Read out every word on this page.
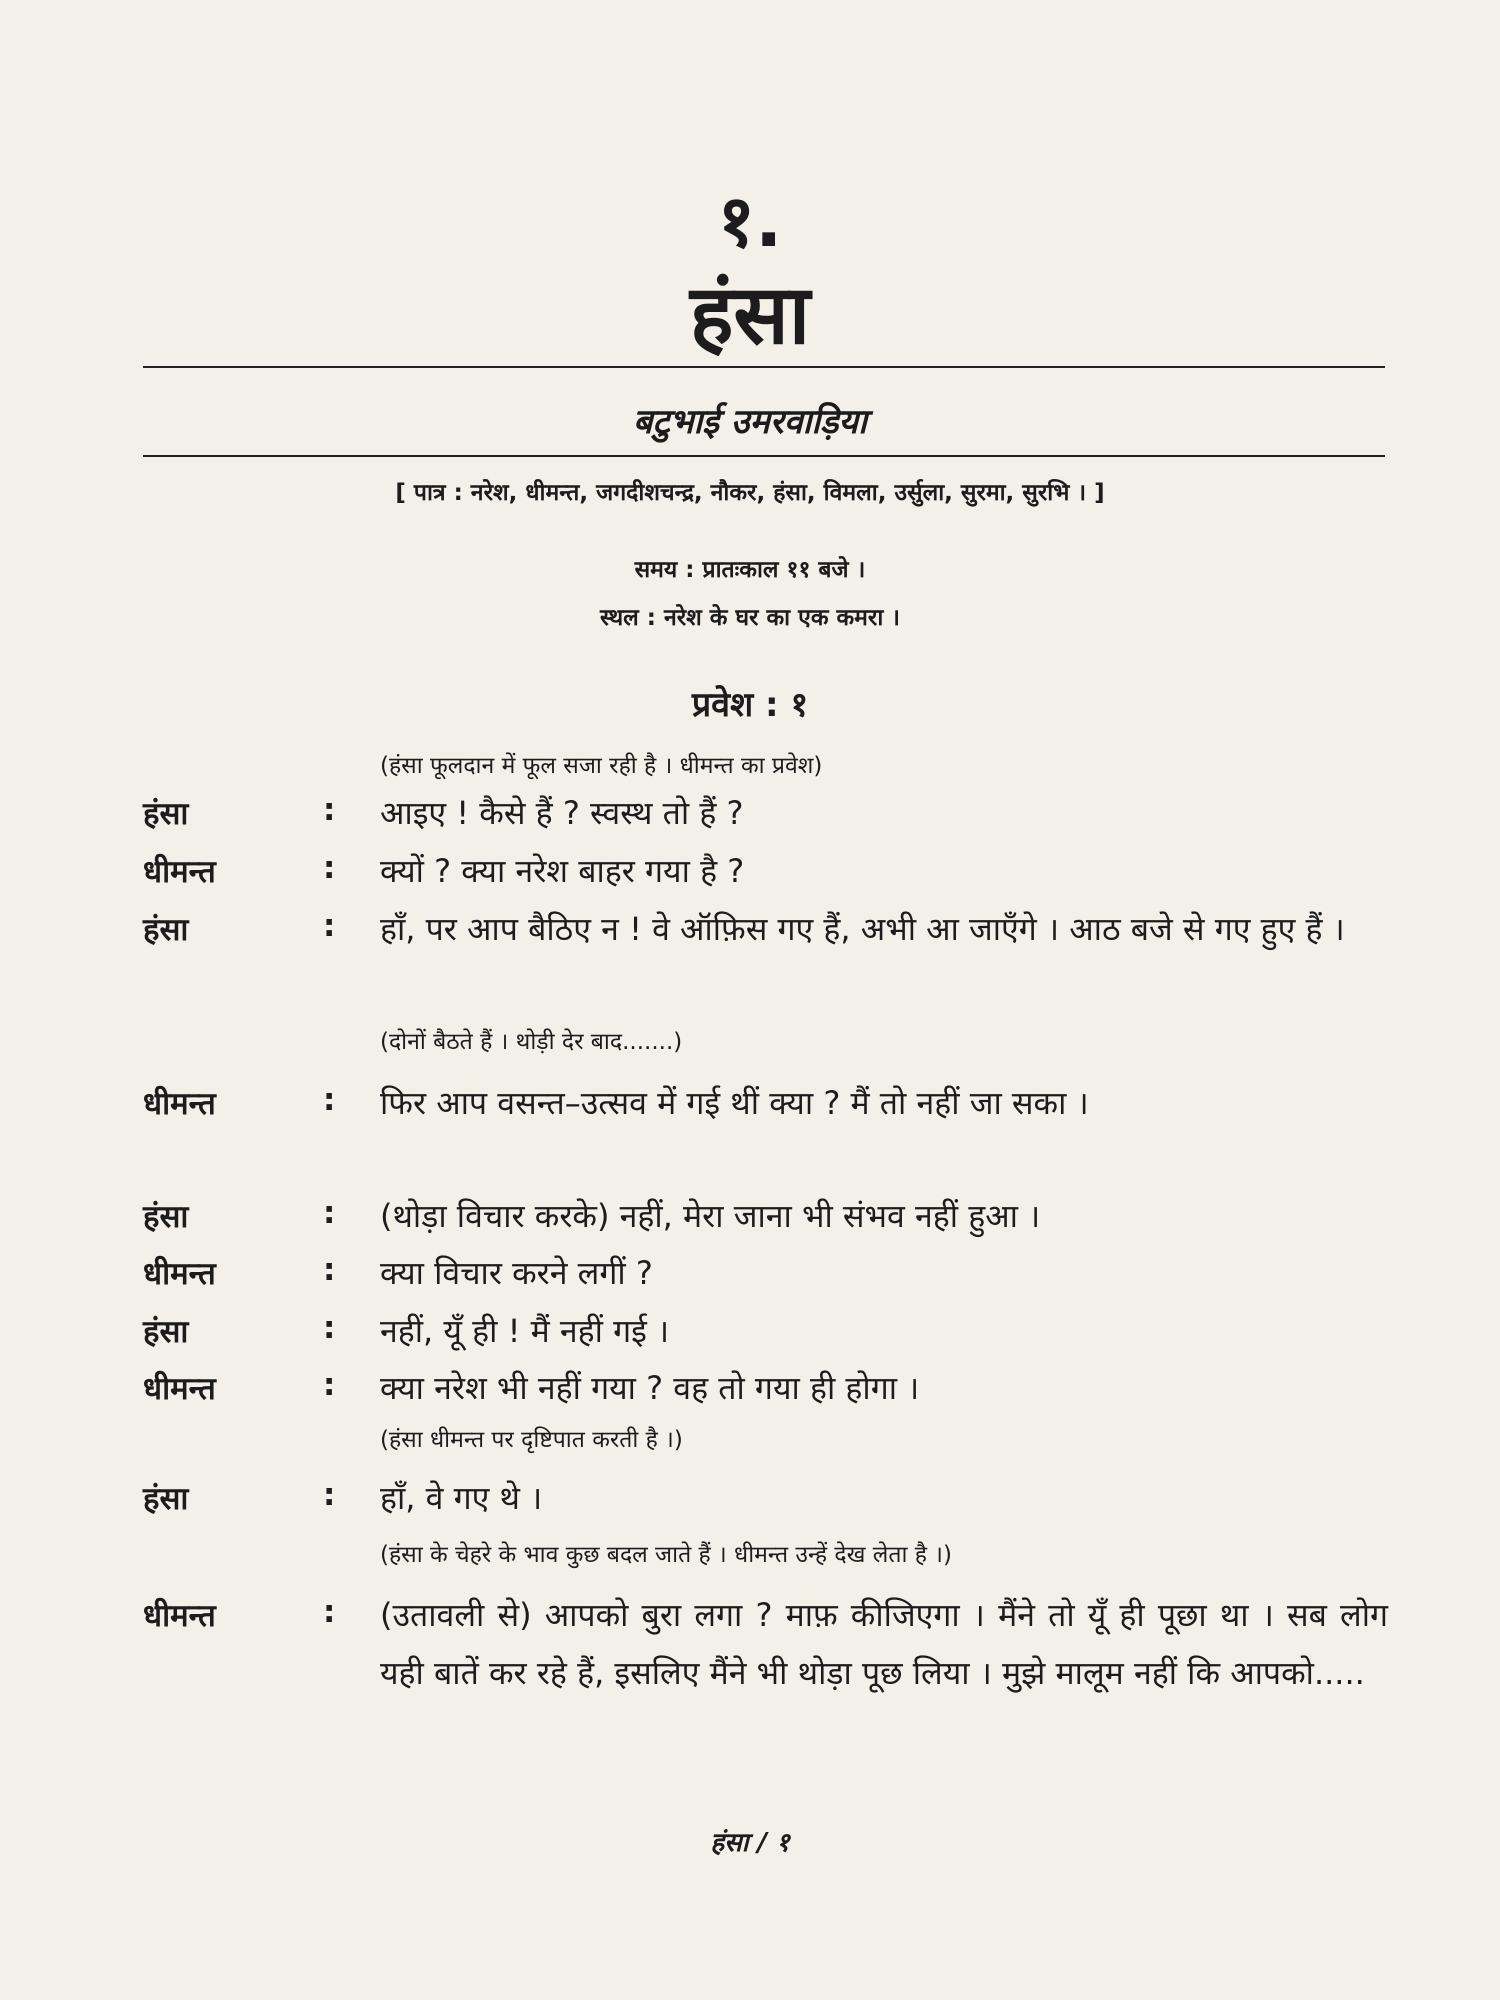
१.
हंसा
बटुभाई उमरवाड़िया
[ पात्र : नरेश, धीमन्त, जगदीशचन्द्र, नौकर, हंसा, विमला, उर्सुला, सुरमा, सुरभि । ]
समय : प्रातःकाल ११ बजे ।
स्थल : नरेश के घर का एक कमरा ।
प्रवेश : १
(हंसा फूलदान में फूल सजा रही है । धीमन्त का प्रवेश)
हंसा	: आइए ! कैसे हैं ? स्वस्थ तो हैं ?
धीमन्त	: क्यों ? क्या नरेश बाहर गया है ?
हंसा	: हाँ, पर आप बैठिए न ! वे ऑफ़िस गए हैं, अभी आ जाएँगे । आठ बजे से गए हुए हैं ।
(दोनों बैठते हैं । थोड़ी देर बाद.......)
धीमन्त	: फिर आप वसन्त–उत्सव में गई थीं क्या ? मैं तो नहीं जा सका ।
हंसा	: (थोड़ा विचार करके) नहीं, मेरा जाना भी संभव नहीं हुआ ।
धीमन्त	: क्या विचार करने लगीं ?
हंसा	: नहीं, यूँ ही ! मैं नहीं गई ।
धीमन्त	: क्या नरेश भी नहीं गया ? वह तो गया ही होगा ।
(हंसा धीमन्त पर दृष्टिपात करती है ।)
हंसा	: हाँ, वे गए थे ।
(हंसा के चेहरे के भाव कुछ बदल जाते हैं । धीमन्त उन्हें देख लेता है ।)
धीमन्त	: (उतावली से) आपको बुरा लगा ? माफ़ कीजिएगा । मैंने तो यूँ ही पूछा था । सब लोग यही बातें कर रहे हैं, इसलिए मैंने भी थोड़ा पूछ लिया । मुझे मालूम नहीं कि आपको.....
हंसा / १
